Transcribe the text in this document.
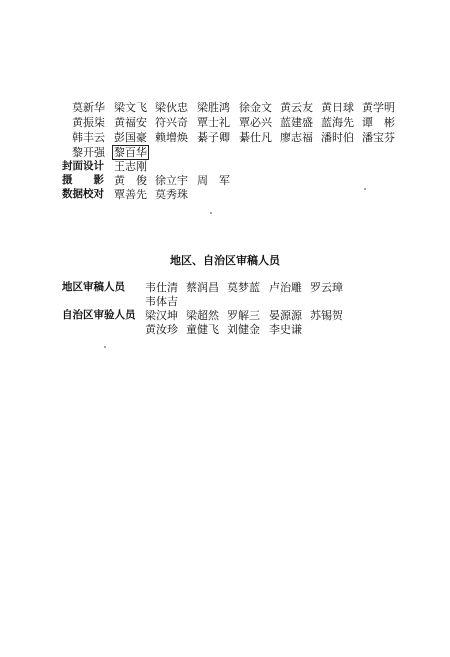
莫新华 梁文飞 梁伙忠 梁胜鸿 徐金文 黄云友 黄日球 黄学明
黄振柒 黄福安 符兴奇 覃士礼 覃必兴 蓝建盛 蓝海先 谭　彬
韩丰云 彭国豪 赖增焕 綦子卿 綦仕凡 廖志福 潘时伯 潘宝芬
黎开强 黎百华
封面设计 王志刚
摄　　影 黄　俊 徐立宇 周　军
数据校对 覃善先 莫秀珠
地区、自治区审稿人员
地区审稿人员 韦仕清 蔡润昌 莫梦蓝 卢治雕 罗云璋
韦体吉
自治区审验人员 梁汉坤 梁超然 罗解三 晏源源 苏锡贺
黄汝珍 童健飞 刘健金 李史谦
